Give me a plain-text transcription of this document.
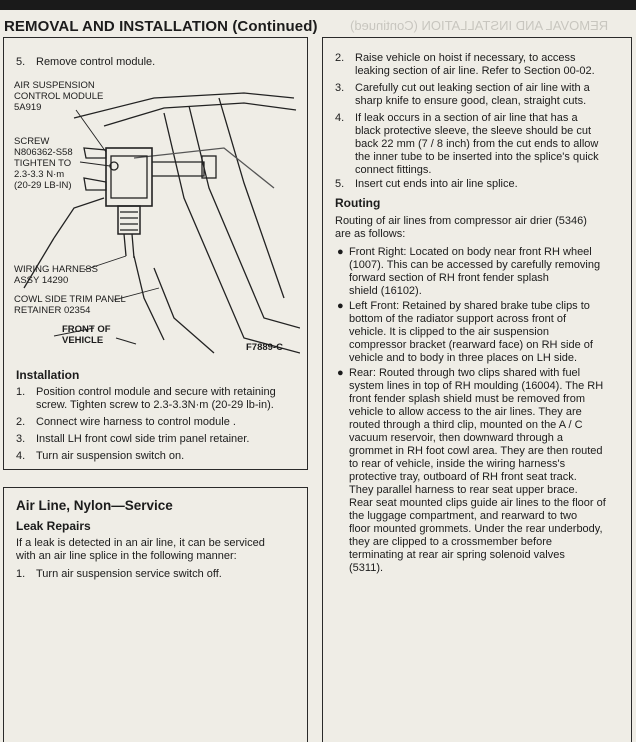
REMOVAL AND INSTALLATION (Continued) REMOVAL AND INSTALLATION (Continued)
5. Remove control module.
AIR SUSPENSION
CONTROL MODULE
5A919
SCREW
N806362-S58
TIGHTEN TO
2.3-3.3 N·m
(20-29 LB-IN)
WIRING HARNESS
ASSY 14290
COWL SIDE TRIM PANEL
RETAINER 02354
FRONT OF
VEHICLE
F7889-C
Installation
1. Position control module and secure with retaining
screw. Tighten screw to 2.3-3.3N·m (20-29 lb-in).
2. Connect wire harness to control module .
3. Install LH front cowl side trim panel retainer.
4. Turn air suspension switch on.
Air Line, Nylon—Service
Leak Repairs
If a leak is detected in an air line, it can be serviced
with an air line splice in the following manner:
1. Turn air suspension service switch off.
2. Raise vehicle on hoist if necessary, to access
leaking section of air line. Refer to Section 00-02.
3. Carefully cut out leaking section of air line with a
sharp knife to ensure good, clean, straight cuts.
4. If leak occurs in a section of air line that has a
black protective sleeve, the sleeve should be cut
back 22 mm (7 / 8 inch) from the cut ends to allow
the inner tube to be inserted into the splice's quick
connect fittings.
5. Insert cut ends into air line splice.
Routing
Routing of air lines from compressor air drier (5346)
are as follows:
● Front Right: Located on body near front RH wheel
(1007). This can be accessed by carefully removing
forward section of RH front fender splash
shield (16102).
● Left Front: Retained by shared brake tube clips to
bottom of the radiator support across front of
vehicle. It is clipped to the air suspension
compressor bracket (rearward face) on RH side of
vehicle and to body in three places on LH side.
● Rear: Routed through two clips shared with fuel
system lines in top of RH moulding (16004). The RH
front fender splash shield must be removed from
vehicle to allow access to the air lines. They are
routed through a third clip, mounted on the A / C
vacuum reservoir, then downward through a
grommet in RH foot cowl area. They are then routed
to rear of vehicle, inside the wiring harness's
protective tray, outboard of RH front seat track.
They parallel harness to rear seat upper brace.
Rear seat mounted clips guide air lines to the floor of
the luggage compartment, and rearward to two
floor mounted grommets. Under the rear underbody,
they are clipped to a crossmember before
terminating at rear air spring solenoid valves
(5311).
